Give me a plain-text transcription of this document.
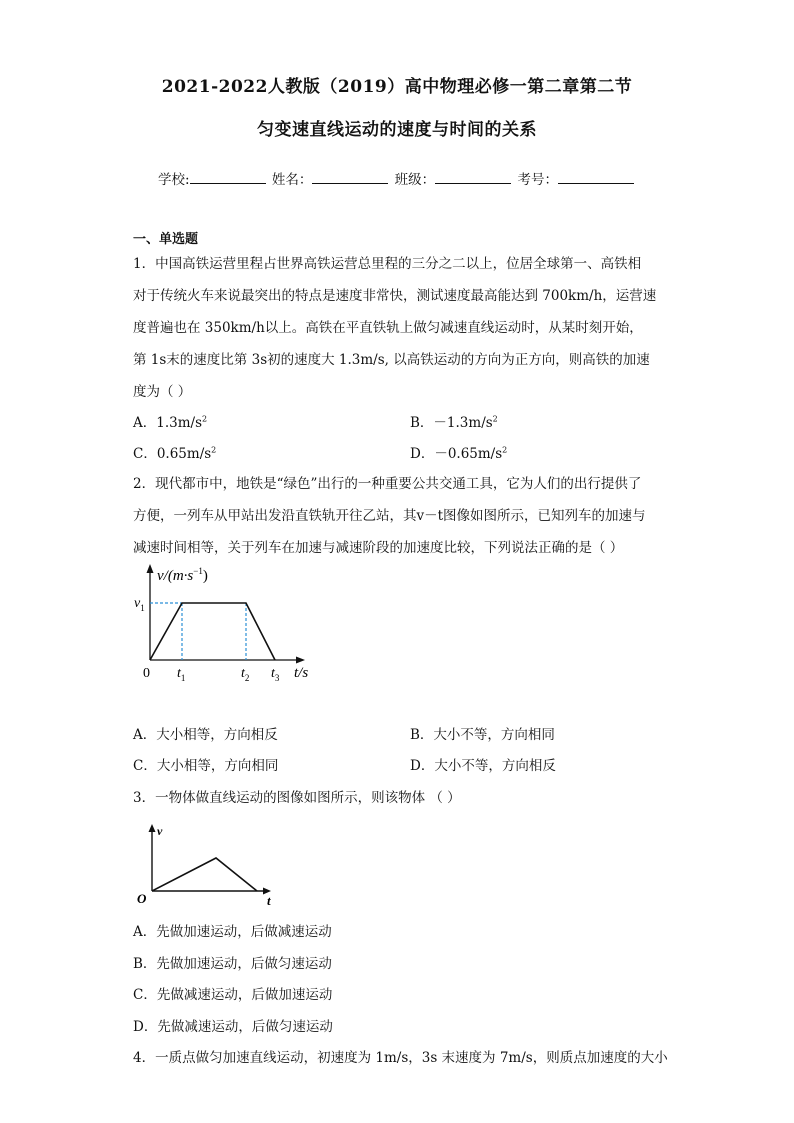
2021-2022人教版（2019）高中物理必修一第二章第二节
匀变速直线运动的速度与时间的关系
学校:	姓名：	班级：	考号：
一、单选题
1．中国高铁运营里程占世界高铁运营总里程的三分之二以上，位居全球第一、高铁相
对于传统火车来说最突出的特点是速度非常快，测试速度最高能达到 700km/h，运营速
度普遍也在 350km/h以上。高铁在平直铁轨上做匀减速直线运动时，从某时刻开始，
第 1s末的速度比第 3s初的速度大 1.3m/s, 以高铁运动的方向为正方向，则高铁的加速
度为（ ）
A．$1.3m/s^2$	B．$-1.3m/s^2$
C．$0.65m/s^2$	D．$-0.65m/s^2$
2．现代都市中，地铁是“绿色”出行的一种重要公共交通工具，它为人们的出行提供了
方便，一列车从甲站出发沿直铁轨开往乙站，其v－t图像如图所示，已知列车的加速与
减速时间相等，关于列车在加速与减速阶段的加速度比较，下列说法正确的是（ ）
$v/(m\cdot s^{-1})$
$v_1$
0 $t_1$	$t_2$ $t_3$ t/s
A．大小相等，方向相反	B．大小不等，方向相同
C．大小相等，方向相同	D．大小不等，方向相反
3．一物体做直线运动的图像如图所示，则该物体 （ ）
v
O	t
A．先做加速运动，后做减速运动
B．先做加速运动，后做匀速运动
C．先做减速运动，后做加速运动
D．先做减速运动，后做匀速运动
4．一质点做匀加速直线运动，初速度为 1m/s，3s 末速度为 7m/s，则质点加速度的大小
